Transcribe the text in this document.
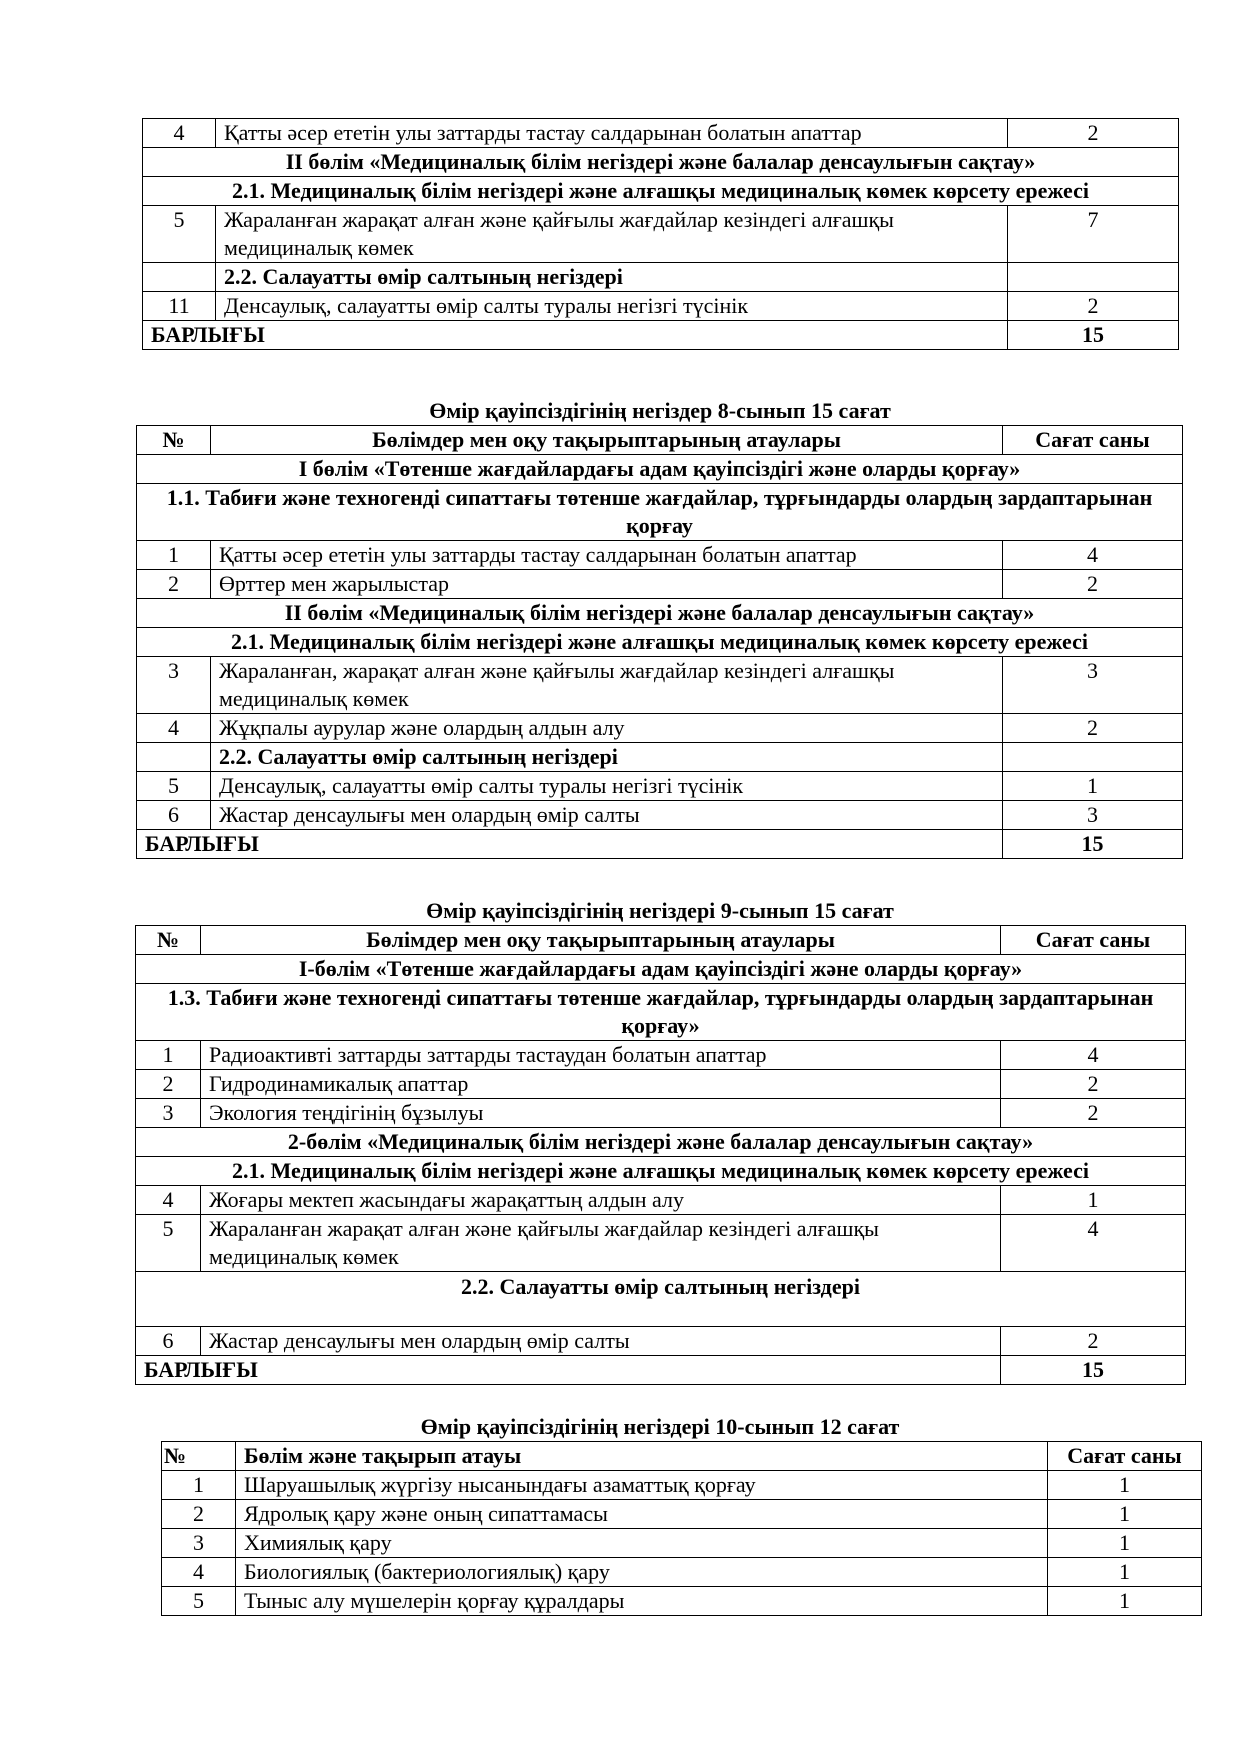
4	Қатты әсер ететін улы заттарды тастау салдарынан болатын апаттар	2
ІІ бөлім «Медициналық білім негіздері және балалар денсаулығын сақтау»		
2.1. Медициналық білім негіздері және алғашқы медициналық көмек көрсету ережесі		
5	Жараланған жарақат алған және қайғылы жағдайлар кезіндегі алғашқы медициналық көмек	7
	2.2. Салауатты өмір салтының негіздері	
11	Денсаулық, салауатты өмір салты туралы негізгі түсінік	2
БАРЛЫҒЫ		15
Өмір қауіпсіздігінің негіздер 8-сынып 15 сағат
№	Бөлімдер мен оқу тақырыптарының атаулары	Сағат саны
І бөлім «Төтенше жағдайлардағы адам қауіпсіздігі және оларды қорғау»		
1.1. Табиғи және техногенді сипаттағы төтенше жағдайлар, тұрғындарды олардың зардаптарынан қорғау		
1	Қатты әсер ететін улы заттарды тастау салдарынан болатын апаттар	4
2	Өрттер мен жарылыстар	2
ІІ бөлім «Медициналық білім негіздері және балалар денсаулығын сақтау»		
2.1. Медициналық білім негіздері және алғашқы медициналық көмек көрсету ережесі		
3	Жараланған, жарақат алған және қайғылы жағдайлар кезіндегі алғашқы медициналық көмек	3
4	Жұқпалы аурулар және олардың алдын алу	2
	2.2. Салауатты өмір салтының негіздері	
5	Денсаулық, салауатты өмір салты туралы негізгі түсінік	1
6	Жастар денсаулығы мен олардың өмір салты	3
БАРЛЫҒЫ		15
Өмір қауіпсіздігінің негіздері 9-сынып 15 сағат
№	Бөлімдер мен оқу тақырыптарының атаулары	Сағат саны
І-бөлім «Төтенше жағдайлардағы адам қауіпсіздігі және оларды қорғау»		
1.3. Табиғи және техногенді сипаттағы төтенше жағдайлар, тұрғындарды олардың зардаптарынан қорғау»		
1	Радиоактивті заттарды заттарды тастаудан болатын апаттар	4
2	Гидродинамикалық апаттар	2
3	Экология теңдігінің бұзылуы	2
2-бөлім «Медициналық білім негіздері және балалар денсаулығын сақтау»		
2.1. Медициналық білім негіздері және алғашқы медициналық көмек көрсету ережесі		
4	Жоғары мектеп жасындағы жарақаттың алдын алу	1
5	Жараланған жарақат алған және қайғылы жағдайлар кезіндегі алғашқы медициналық көмек	4
2.2. Салауатты өмір салтының негіздері		
6	Жастар денсаулығы мен олардың өмір салты	2
БАРЛЫҒЫ		15
Өмір қауіпсіздігінің негіздері 10-сынып 12 сағат
№	Бөлім және тақырып атауы	Сағат саны
1	Шаруашылық жүргізу нысанындағы азаматтық қорғау	1
2	Ядролық қару және оның сипаттамасы	1
3	Химиялық қару	1
4	Биологиялық (бактериологиялық) қару	1
5	Тыныс алу мүшелерін қорғау құралдары	1
